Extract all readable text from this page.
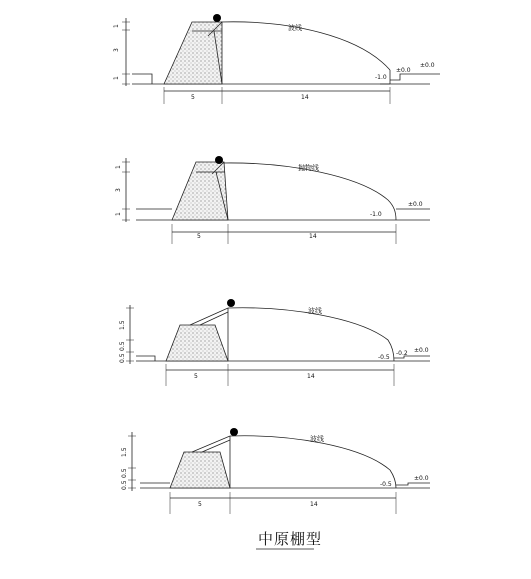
1
3
1
5	14
波线
-1.0
±0.0
±0.0
1
3
1
5	14
抛物线
-1.0
±0.0
1.5
0.5
0.5
5	14
波线
-0.5
-0.2 ±0.0
1.5
0.5
0.5
5	14
波线
-0.5
±0.0
中原棚型
